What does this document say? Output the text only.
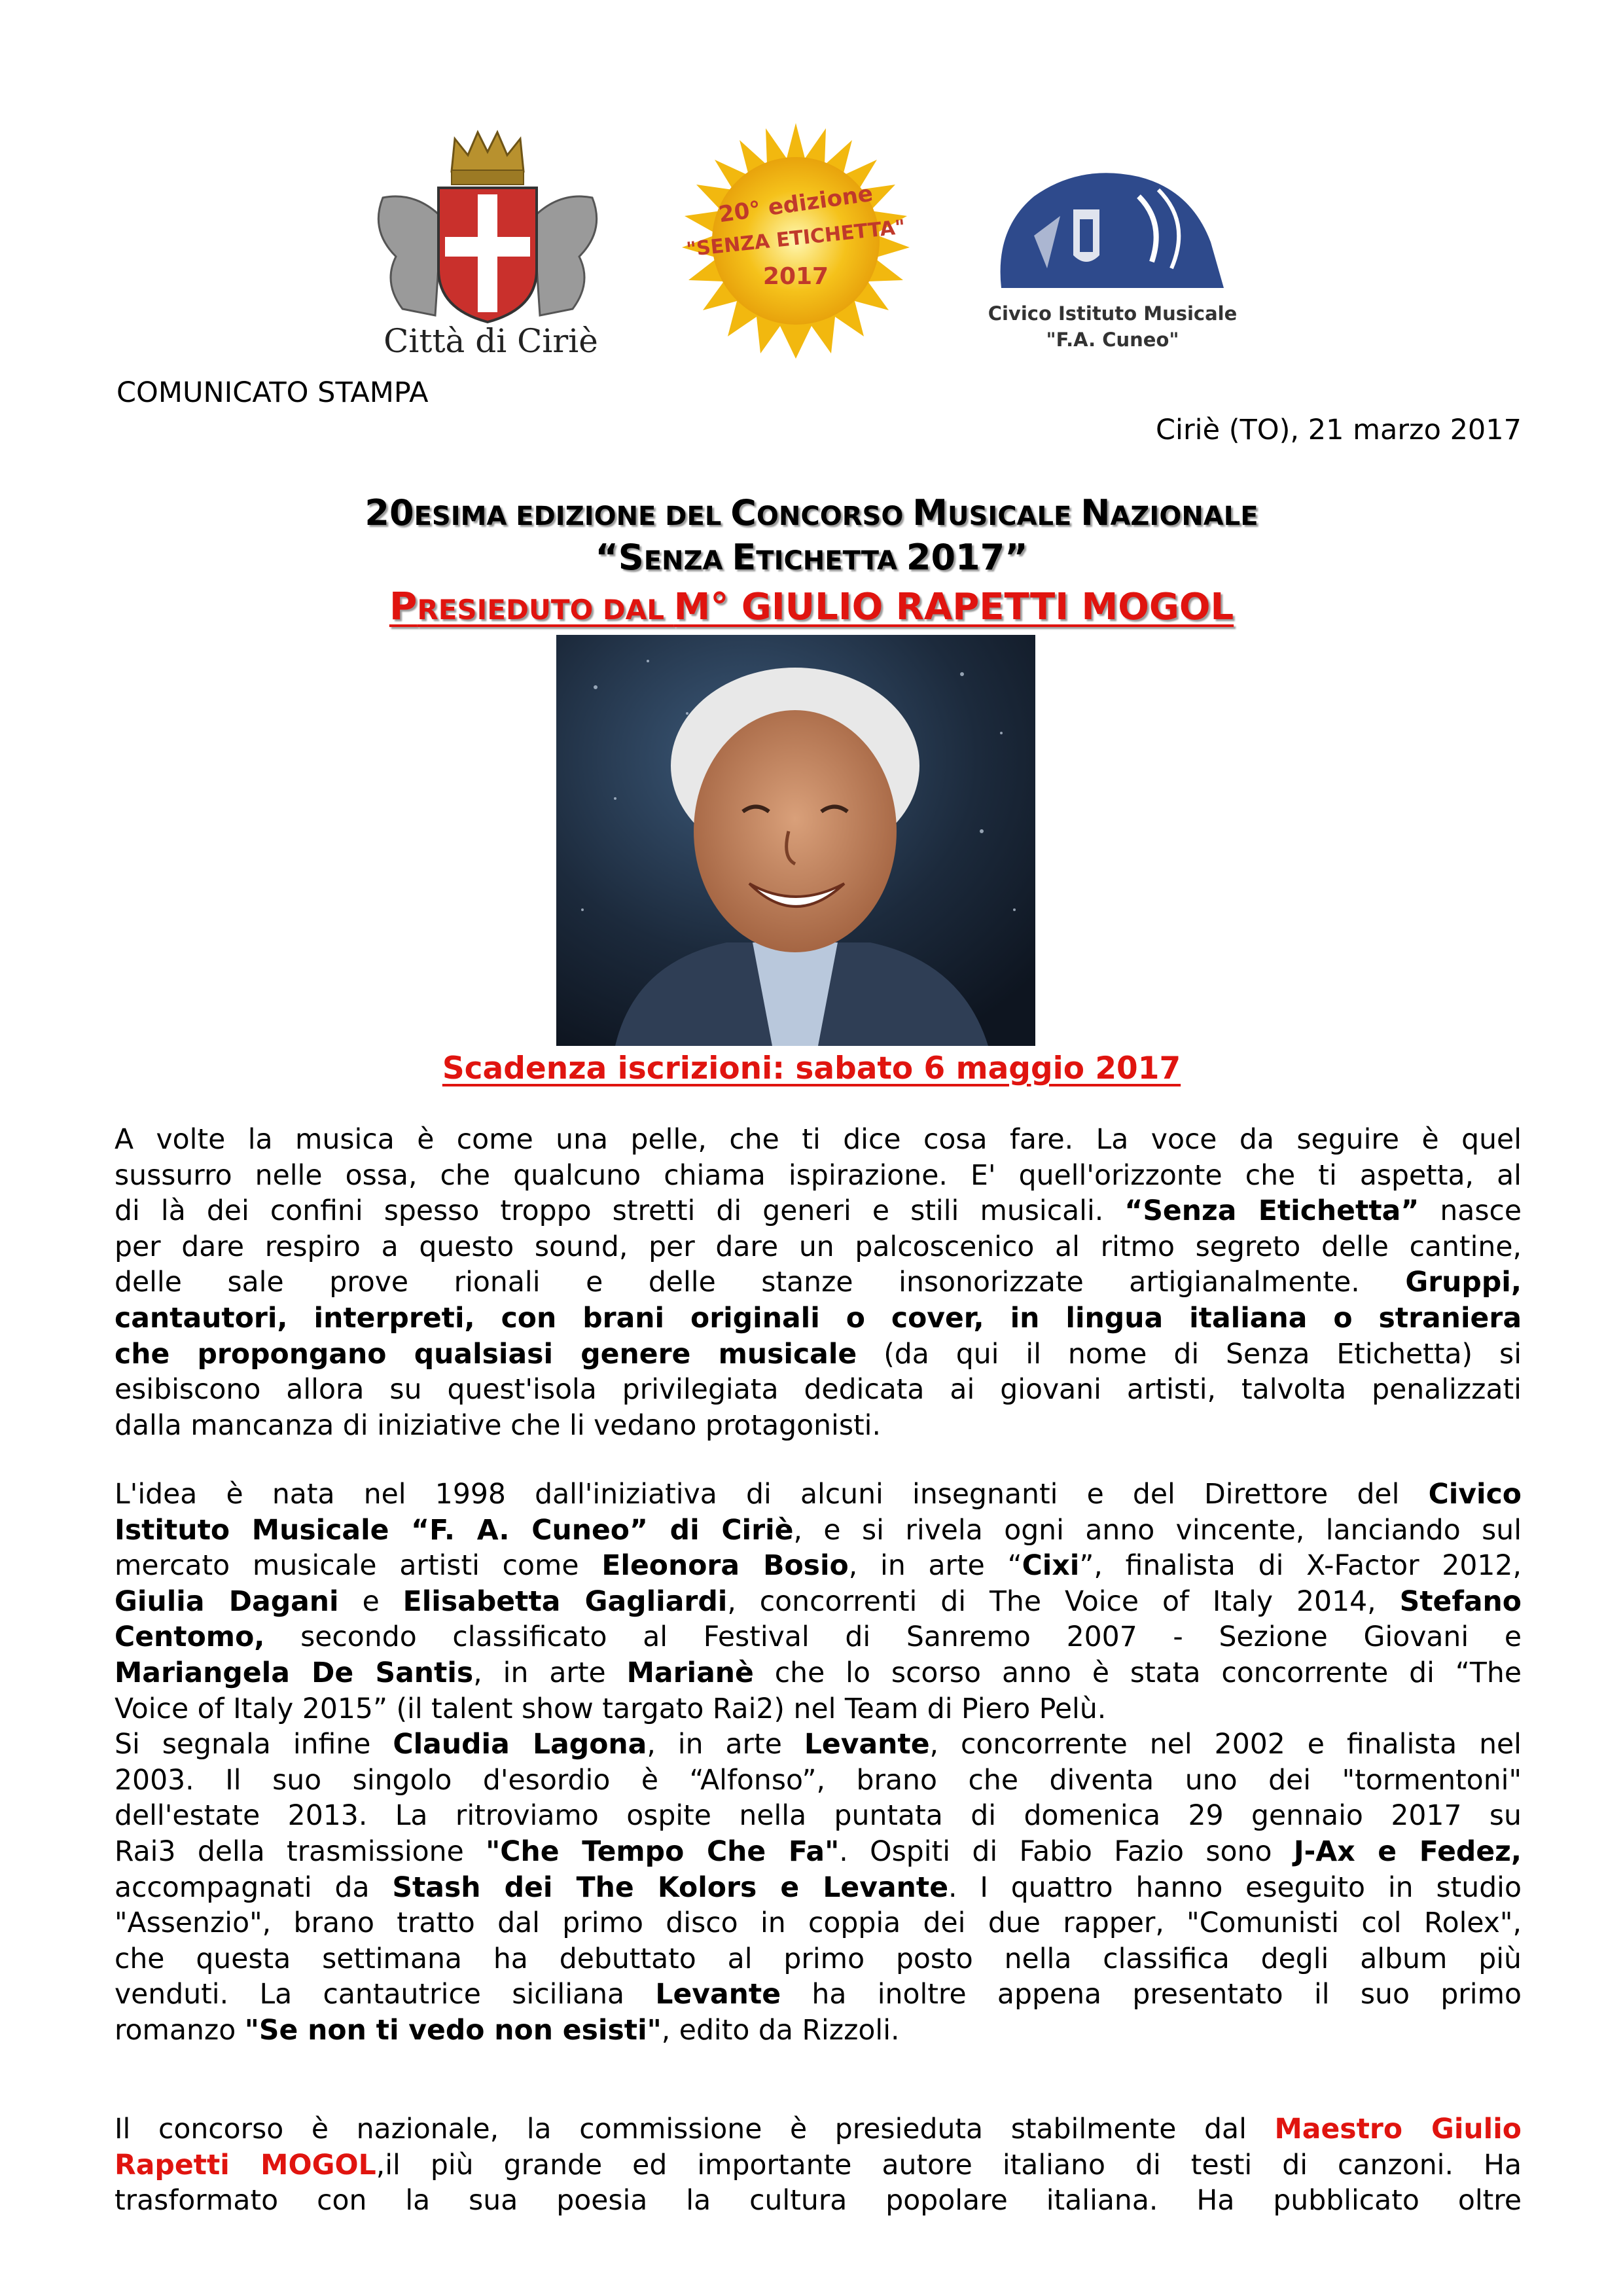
Città di Ciriè
20° edizione
"SENZA ETICHETTA"
2017
Civico Istituto Musicale
"F.A. Cuneo"
COMUNICATO STAMPA
Ciriè (TO), 21 marzo 2017
20ESIMA EDIZIONE DEL CONCORSO MUSICALE NAZIONALE
“SENZA ETICHETTA 2017”
PRESIEDUTO DAL M° GIULIO RAPETTI MOGOL
Scadenza iscrizioni: sabato 6 maggio 2017
A volte la musica è come una pelle, che ti dice cosa fare. La voce da seguire è quel
sussurro nelle ossa, che qualcuno chiama ispirazione. E' quell'orizzonte che ti aspetta, al
di là dei confini spesso troppo stretti di generi e stili musicali. “Senza Etichetta” nasce
per dare respiro a questo sound, per dare un palcoscenico al ritmo segreto delle cantine,
delle sale prove rionali e delle stanze insonorizzate artigianalmente. Gruppi,
cantautori, interpreti, con brani originali o cover, in lingua italiana o straniera
che propongano qualsiasi genere musicale (da qui il nome di Senza Etichetta) si
esibiscono allora su quest'isola privilegiata dedicata ai giovani artisti, talvolta penalizzati
dalla mancanza di iniziative che li vedano protagonisti.
L'idea è nata nel 1998 dall'iniziativa di alcuni insegnanti e del Direttore del Civico
Istituto Musicale “F. A. Cuneo” di Ciriè, e si rivela ogni anno vincente, lanciando sul
mercato musicale artisti come Eleonora Bosio, in arte “Cixi”, finalista di X-Factor 2012,
Giulia Dagani e Elisabetta Gagliardi, concorrenti di The Voice of Italy 2014, Stefano
Centomo, secondo classificato al Festival di Sanremo 2007 - Sezione Giovani e
Mariangela De Santis, in arte Marianè che lo scorso anno è stata concorrente di “The
Voice of Italy 2015” (il talent show targato Rai2) nel Team di Piero Pelù.
Si segnala infine Claudia Lagona, in arte Levante, concorrente nel 2002 e finalista nel
2003. Il suo singolo d'esordio è “Alfonso”, brano che diventa uno dei "tormentoni"
dell'estate 2013. La ritroviamo ospite nella puntata di domenica 29 gennaio 2017 su
Rai3 della trasmissione "Che Tempo Che Fa". Ospiti di Fabio Fazio sono J-Ax e Fedez,
accompagnati da Stash dei The Kolors e Levante. I quattro hanno eseguito in studio
"Assenzio", brano tratto dal primo disco in coppia dei due rapper, "Comunisti col Rolex",
che questa settimana ha debuttato al primo posto nella classifica degli album più
venduti. La cantautrice siciliana Levante ha inoltre appena presentato il suo primo
romanzo "Se non ti vedo non esisti", edito da Rizzoli.
Il concorso è nazionale, la commissione è presieduta stabilmente dal Maestro Giulio
Rapetti MOGOL,il più grande ed importante autore italiano di testi di canzoni. Ha
trasformato con la sua poesia la cultura popolare italiana. Ha pubblicato oltre
